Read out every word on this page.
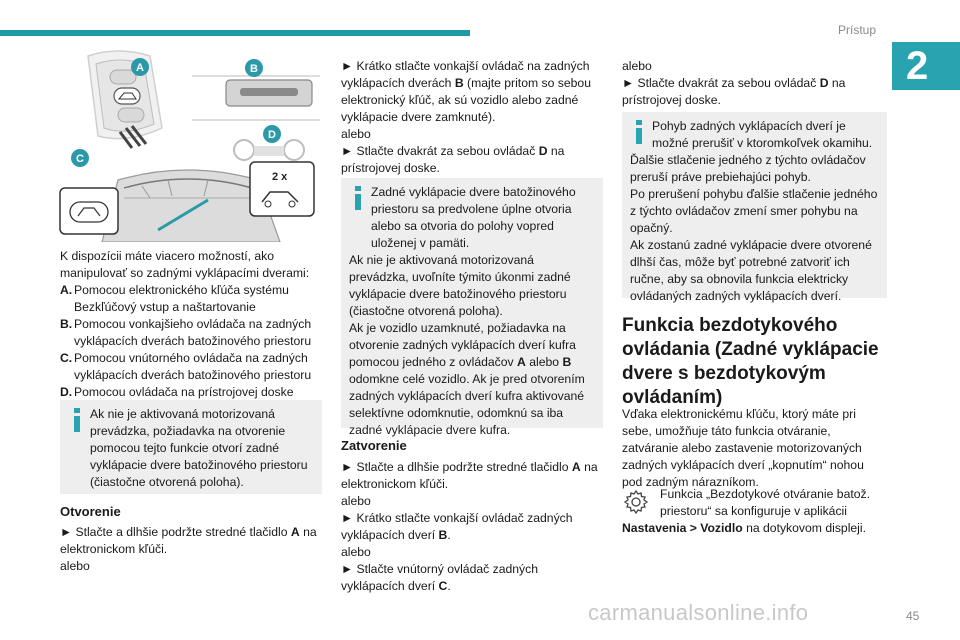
Prístup
2
A	B
D
C
2 x
K dispozícii máte viacero možností, ako manipulovať so zadnými vyklápacími dverami:
A. Pomocou elektronického kľúča systému Bezkľúčový vstup a naštartovanie
B. Pomocou vonkajšieho ovládača na zadných vyklápacích dverách batožinového priestoru
C. Pomocou vnútorného ovládača na zadných vyklápacích dverách batožinového priestoru
D. Pomocou ovládača na prístrojovej doske
Ak nie je aktivovaná motorizovaná prevádzka, požiadavka na otvorenie pomocou tejto funkcie otvorí zadné vyklápacie dvere batožinového priestoru (čiastočne otvorená poloha).
Otvorenie
► Stlačte a dlhšie podržte stredné tlačidlo A na elektronickom kľúči.
alebo
► Krátko stlačte vonkajší ovládač na zadných vyklápacích dverách B (majte pritom so sebou elektronický kľúč, ak sú vozidlo alebo zadné vyklápacie dvere zamknuté).
alebo
► Stlačte dvakrát za sebou ovládač D na prístrojovej doske.
Zadné vyklápacie dvere batožinového priestoru sa predvolene úplne otvoria alebo sa otvoria do polohy vopred uloženej v pamäti.
Ak nie je aktivovaná motorizovaná prevádzka, uvoľníte týmito úkonmi zadné vyklápacie dvere batožinového priestoru (čiastočne otvorená poloha).
Ak je vozidlo uzamknuté, požiadavka na otvorenie zadných vyklápacích dverí kufra pomocou jedného z ovládačov A alebo B odomkne celé vozidlo. Ak je pred otvorením zadných vyklápacích dverí kufra aktivované selektívne odomknutie, odomknú sa iba zadné vyklápacie dvere kufra.
Zatvorenie
► Stlačte a dlhšie podržte stredné tlačidlo A na elektronickom kľúči.
alebo
► Krátko stlačte vonkajší ovládač zadných vyklápacích dverí B.
alebo
► Stlačte vnútorný ovládač zadných vyklápacích dverí C.
alebo
► Stlačte dvakrát za sebou ovládač D na prístrojovej doske.
Pohyb zadných vyklápacích dverí je možné prerušiť v ktoromkoľvek okamihu.
Ďalšie stlačenie jedného z týchto ovládačov preruší práve prebiehajúci pohyb.
Po prerušení pohybu ďalšie stlačenie jedného z týchto ovládačov zmení smer pohybu na opačný.
Ak zostanú zadné vyklápacie dvere otvorené dlhší čas, môže byť potrebné zatvoriť ich ručne, aby sa obnovila funkcia elektricky ovládaných zadných vyklápacích dverí.
Funkcia bezdotykového ovládania (Zadné vyklápacie dvere s bezdotykovým ovládaním)
Vďaka elektronickému kľúču, ktorý máte pri sebe, umožňuje táto funkcia otváranie, zatváranie alebo zastavenie motorizovaných zadných vyklápacích dverí „kopnutím“ nohou pod zadným nárazníkom.
Funkcia „Bezdotykové otváranie batož. priestoru“ sa konfiguruje v aplikácii
Nastavenia > Vozidlo na dotykovom displeji.
carmanualsonline.info	45
